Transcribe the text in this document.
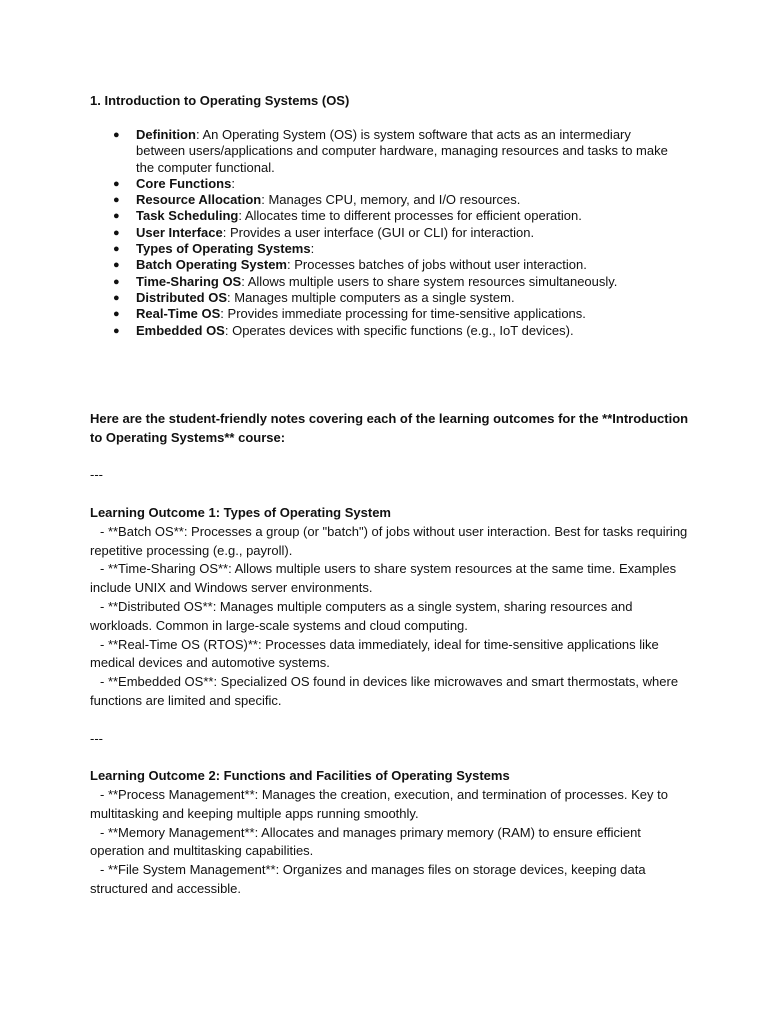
1. Introduction to Operating Systems (OS)
● Definition: An Operating System (OS) is system software that acts as an intermediary between users/applications and computer hardware, managing resources and tasks to make the computer functional.
● Core Functions:
● Resource Allocation: Manages CPU, memory, and I/O resources.
● Task Scheduling: Allocates time to different processes for efficient operation.
● User Interface: Provides a user interface (GUI or CLI) for interaction.
● Types of Operating Systems:
● Batch Operating System: Processes batches of jobs without user interaction.
● Time-Sharing OS: Allows multiple users to share system resources simultaneously.
● Distributed OS: Manages multiple computers as a single system.
● Real-Time OS: Provides immediate processing for time-sensitive applications.
● Embedded OS: Operates devices with specific functions (e.g., IoT devices).
Here are the student-friendly notes covering each of the learning outcomes for the **Introduction to Operating Systems** course:
---
Learning Outcome 1: Types of Operating System
- **Batch OS**: Processes a group (or "batch") of jobs without user interaction. Best for tasks requiring repetitive processing (e.g., payroll).
- **Time-Sharing OS**: Allows multiple users to share system resources at the same time. Examples include UNIX and Windows server environments.
- **Distributed OS**: Manages multiple computers as a single system, sharing resources and workloads. Common in large-scale systems and cloud computing.
- **Real-Time OS (RTOS)**: Processes data immediately, ideal for time-sensitive applications like medical devices and automotive systems.
- **Embedded OS**: Specialized OS found in devices like microwaves and smart thermostats, where functions are limited and specific.
---
Learning Outcome 2: Functions and Facilities of Operating Systems
- **Process Management**: Manages the creation, execution, and termination of processes. Key to multitasking and keeping multiple apps running smoothly.
- **Memory Management**: Allocates and manages primary memory (RAM) to ensure efficient operation and multitasking capabilities.
- **File System Management**: Organizes and manages files on storage devices, keeping data structured and accessible.
